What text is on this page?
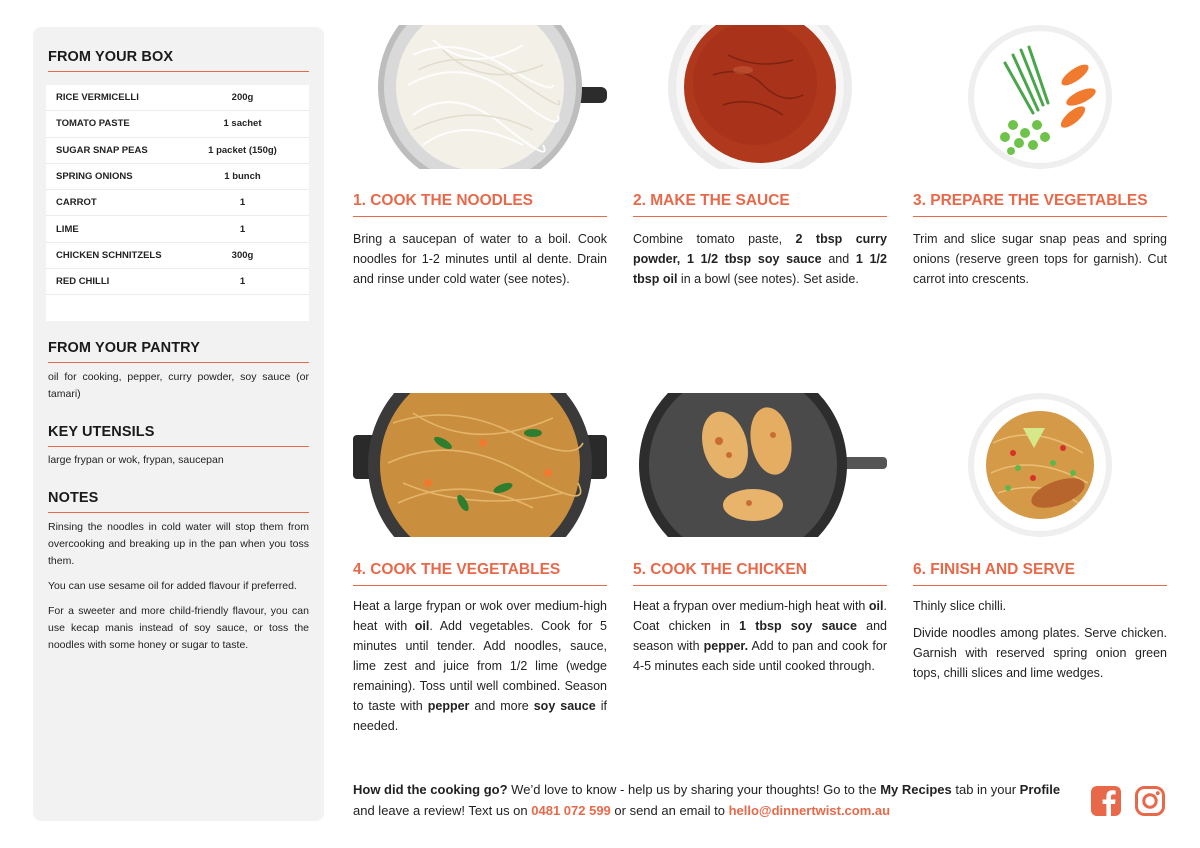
FROM YOUR BOX
RICE VERMICELLI	200g
TOMATO PASTE	1 sachet
SUGAR SNAP PEAS	1 packet (150g)
SPRING ONIONS	1 bunch
CARROT	1
LIME	1
CHICKEN SCHNITZELS	300g
RED CHILLI	1
FROM YOUR PANTRY
oil for cooking, pepper, curry powder, soy sauce (or tamari)
KEY UTENSILS
large frypan or wok, frypan, saucepan
NOTES

Rinsing the noodles in cold water will stop them from overcooking and breaking up in the pan when you toss them.

You can use sesame oil for added flavour if preferred.

For a sweeter and more child-friendly flavour, you can use kecap manis instead of soy sauce, or toss the noodles with some honey or sugar to taste.

1. COOK THE NOODLES
Bring a saucepan of water to a boil. Cook noodles for 1-2 minutes until al dente. Drain and rinse under cold water (see notes).
2. MAKE THE SAUCE
Combine tomato paste, 2 tbsp curry powder, 1 1/2 tbsp soy sauce and 1 1/2 tbsp oil in a bowl (see notes). Set aside.
3. PREPARE THE VEGETABLES
Trim and slice sugar snap peas and spring onions (reserve green tops for garnish). Cut carrot into crescents.
4. COOK THE VEGETABLES
Heat a large frypan or wok over medium-high heat with oil. Add vegetables. Cook for 5 minutes until tender. Add noodles, sauce, lime zest and juice from 1/2 lime (wedge remaining). Toss until well combined. Season to taste with pepper and more soy sauce if needed.
5. COOK THE CHICKEN
Heat a frypan over medium-high heat with oil. Coat chicken in 1 tbsp soy sauce and season with pepper. Add to pan and cook for 4-5 minutes each side until cooked through.
6. FINISH AND SERVE
Thinly slice chilli.
Divide noodles among plates. Serve chicken. Garnish with reserved spring onion green tops, chilli slices and lime wedges.
How did the cooking go? We’d love to know - help us by sharing your thoughts! Go to the My Recipes tab in your Profile and leave a review! Text us on 0481 072 599 or send an email to hello@dinnertwist.com.au
